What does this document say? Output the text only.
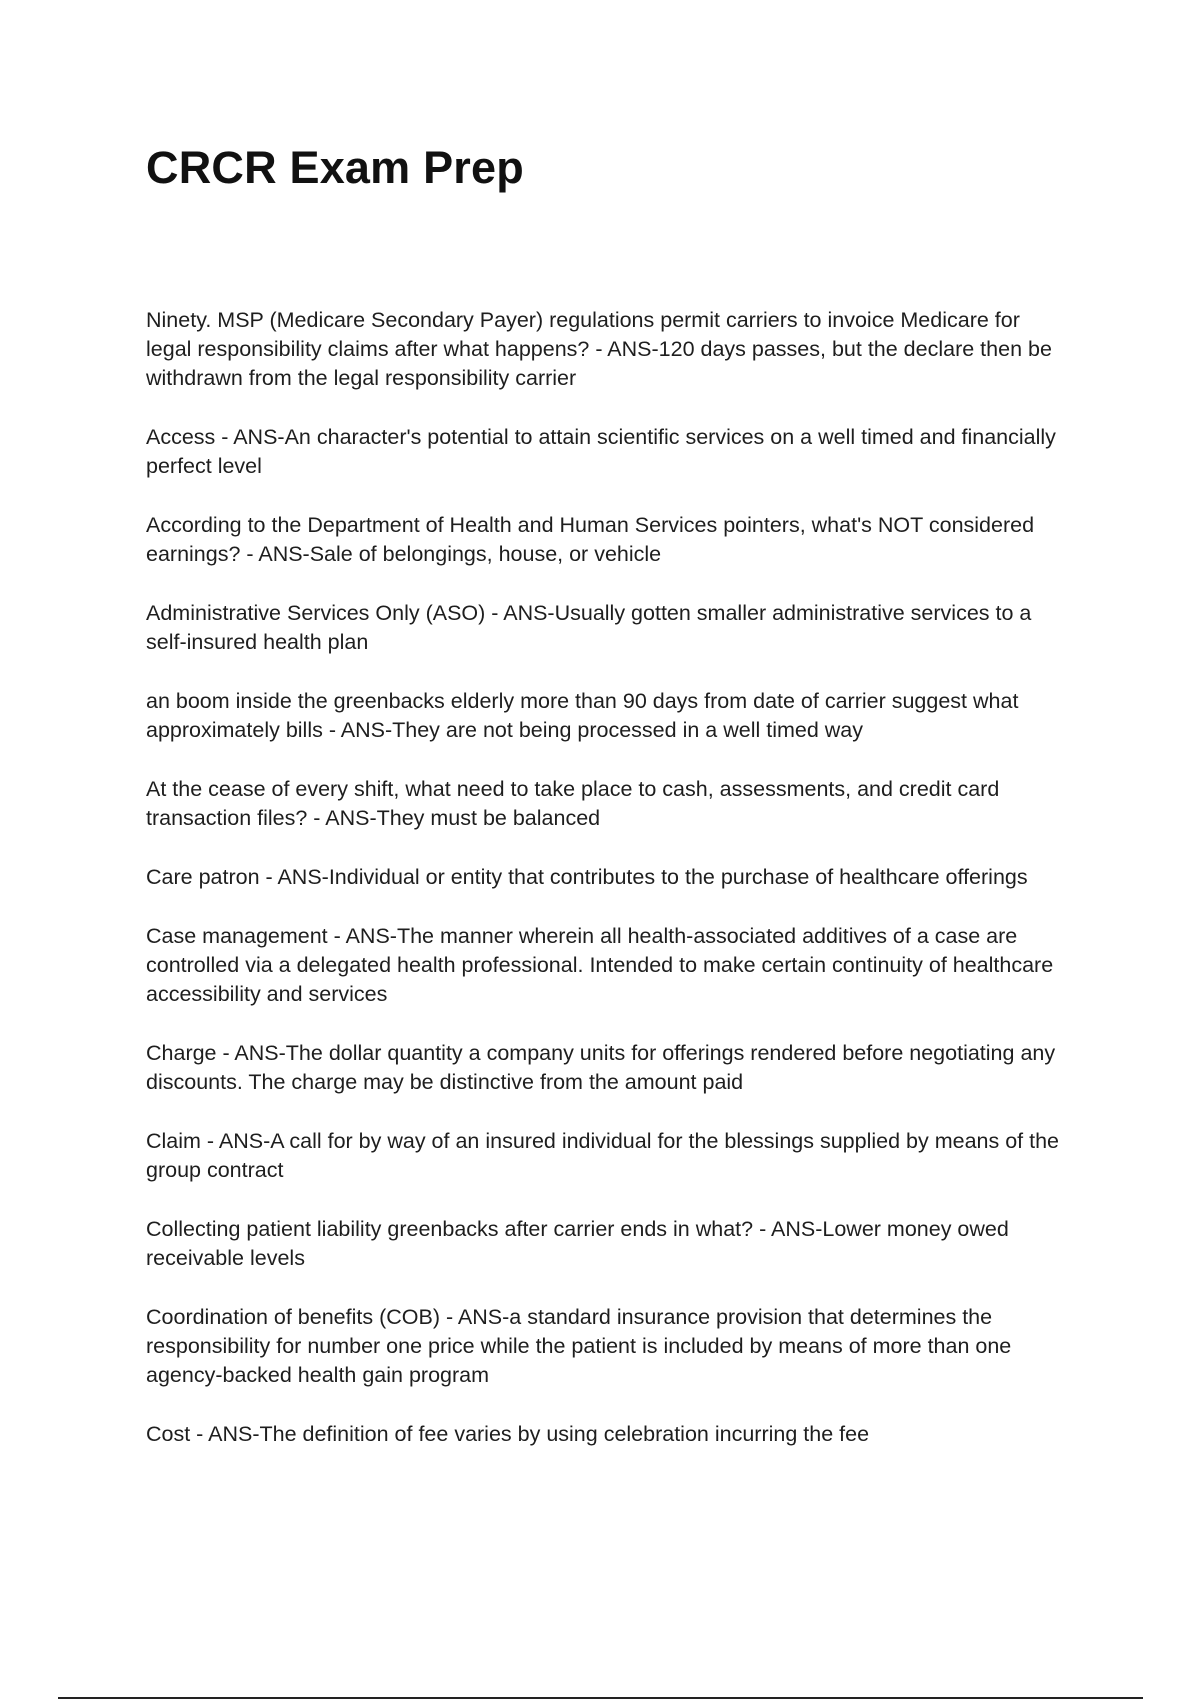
CRCR Exam Prep
Ninety. MSP (Medicare Secondary Payer) regulations permit carriers to invoice Medicare for legal responsibility claims after what happens? - ANS-120 days passes, but the declare then be withdrawn from the legal responsibility carrier
Access - ANS-An character's potential to attain scientific services on a well timed and financially perfect level
According to the Department of Health and Human Services pointers, what's NOT considered earnings? - ANS-Sale of belongings, house, or vehicle
Administrative Services Only (ASO) - ANS-Usually gotten smaller administrative services to a self-insured health plan
an boom inside the greenbacks elderly more than 90 days from date of carrier suggest what approximately bills - ANS-They are not being processed in a well timed way
At the cease of every shift, what need to take place to cash, assessments, and credit card transaction files? - ANS-They must be balanced
Care patron - ANS-Individual or entity that contributes to the purchase of healthcare offerings
Case management - ANS-The manner wherein all health-associated additives of a case are controlled via a delegated health professional. Intended to make certain continuity of healthcare accessibility and services
Charge - ANS-The dollar quantity a company units for offerings rendered before negotiating any discounts. The charge may be distinctive from the amount paid
Claim - ANS-A call for by way of an insured individual for the blessings supplied by means of the group contract
Collecting patient liability greenbacks after carrier ends in what? - ANS-Lower money owed receivable levels
Coordination of benefits (COB) - ANS-a standard insurance provision that determines the responsibility for number one price while the patient is included by means of more than one agency-backed health gain program
Cost - ANS-The definition of fee varies by using celebration incurring the fee
